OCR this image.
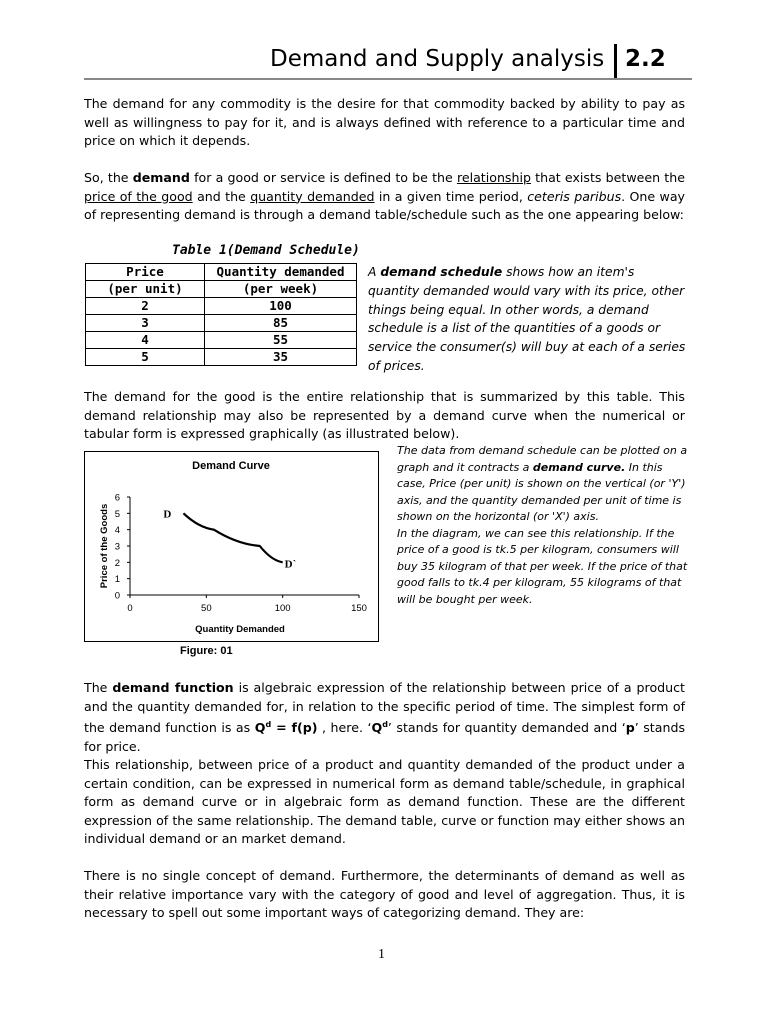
Demand and Supply analysis 2.2
The demand for any commodity is the desire for that commodity backed by ability to pay as well as willingness to pay for it, and is always defined with reference to a particular time and price on which it depends.
So, the demand for a good or service is defined to be the relationship that exists between the price of the good and the quantity demanded in a given time period, ceteris paribus. One way of representing demand is through a demand table/schedule such as the one appearing below:
Table 1(Demand Schedule)
Price	Quantity demanded
(per unit)	(per week)
2	100
3	85
4	55
5	35
A demand schedule shows how an item's quantity demanded would vary with its price, other things being equal. In other words, a demand schedule is a list of the quantities of a goods or service the consumer(s) will buy at each of a series of prices.
The demand for the good is the entire relationship that is summarized by this table. This demand relationship may also be represented by a demand curve when the numerical or tabular form is expressed graphically (as illustrated below).
Demand Curve
0
1
2
3
4
5
6
0	50	100	150
Quantity Demanded
Price of the Goods	D
D`
Figure: 01
The data from demand schedule can be plotted on a graph and it contracts a demand curve. In this case, Price (per unit) is shown on the vertical (or 'Y') axis, and the quantity demanded per unit of time is shown on the horizontal (or 'X') axis.
In the diagram, we can see this relationship. If the price of a good is tk.5 per kilogram, consumers will buy 35 kilogram of that per week. If the price of that good falls to tk.4 per kilogram, 55 kilograms of that will be bought per week.
The demand function is algebraic expression of the relationship between price of a product and the quantity demanded for, in relation to the specific period of time. The simplest form of the demand function is as $Q^d = f(p)$ , here. ‘$Q^d$’ stands for quantity demanded and ‘p’ stands for price.
This relationship, between price of a product and quantity demanded of the product under a certain condition, can be expressed in numerical form as demand table/schedule, in graphical form as demand curve or in algebraic form as demand function. These are the different expression of the same relationship. The demand table, curve or function may either shows an individual demand or an market demand.
There is no single concept of demand. Furthermore, the determinants of demand as well as their relative importance vary with the category of good and level of aggregation. Thus, it is necessary to spell out some important ways of categorizing demand. They are:
1
